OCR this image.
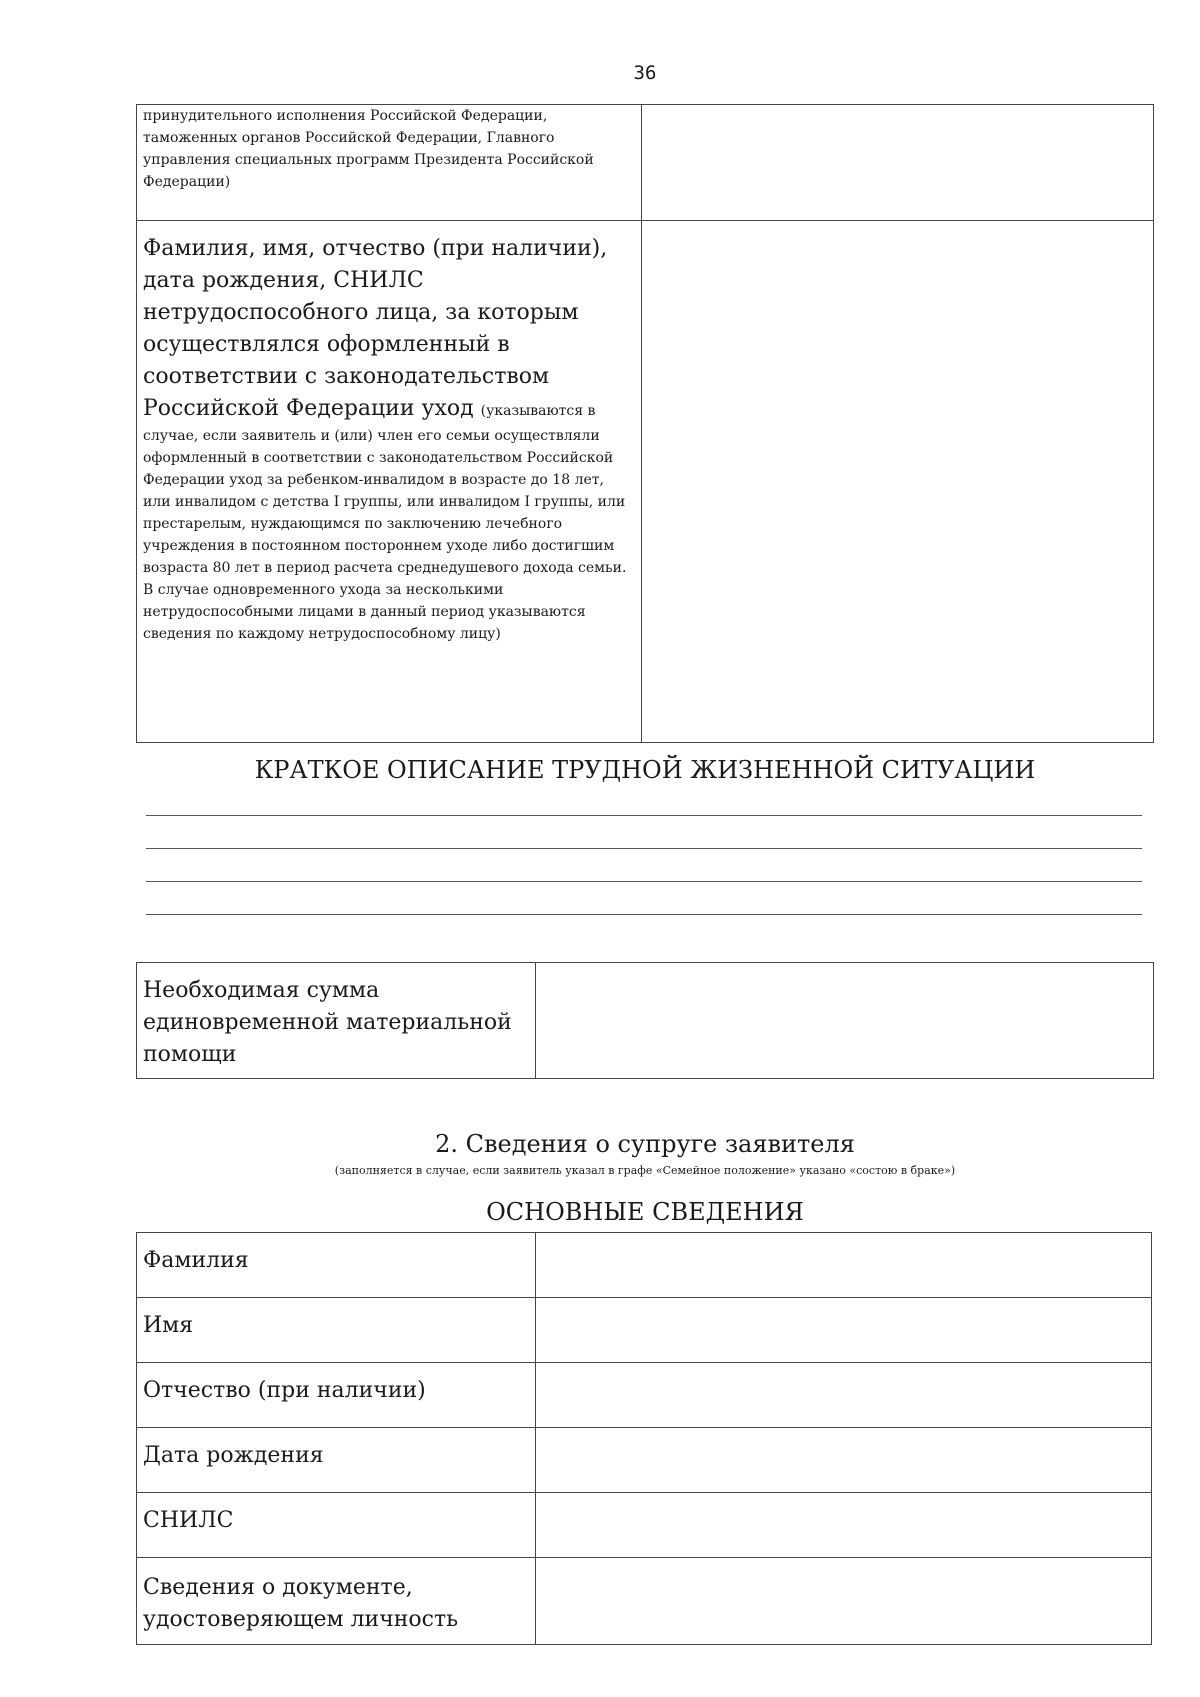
36
принудительного исполнения Российской Федерации, таможенных органов Российской Федерации, Главного управления специальных программ Президента Российской Федерации)	

Фамилия, имя, отчество (при наличии), дата рождения, СНИЛС нетрудоспособного лица, за которым осуществлялся оформленный в соответствии с законодательством Российской Федерации уход (указываются в
случае, если заявитель и (или) член его семьи осуществляли оформленный в соответствии с законодательством Российской Федерации уход за ребенком-инвалидом в возрасте до 18 лет, или инвалидом с детства I группы, или инвалидом I группы, или престарелым, нуждающимся по заключению лечебного учреждения в постоянном постороннем уходе либо достигшим возраста 80 лет в период расчета среднедушевого дохода семьи. В случае одновременного ухода за несколькими нетрудоспособными лицами в данный период указываются сведения по каждому нетрудоспособному лицу)	

КРАТКОЕ ОПИСАНИЕ ТРУДНОЙ ЖИЗНЕННОЙ СИТУАЦИИ
Необходимая сумма единовременной материальной помощи	
2. Сведения о супруге заявителя
(заполняется в случае, если заявитель указал в графе «Семейное положение» указано «состою в браке»)
ОСНОВНЫЕ СВЕДЕНИЯ
Фамилия	
Имя	
Отчество (при наличии)	
Дата рождения	
СНИЛС	
Сведения о документе, удостоверяющем личность	
